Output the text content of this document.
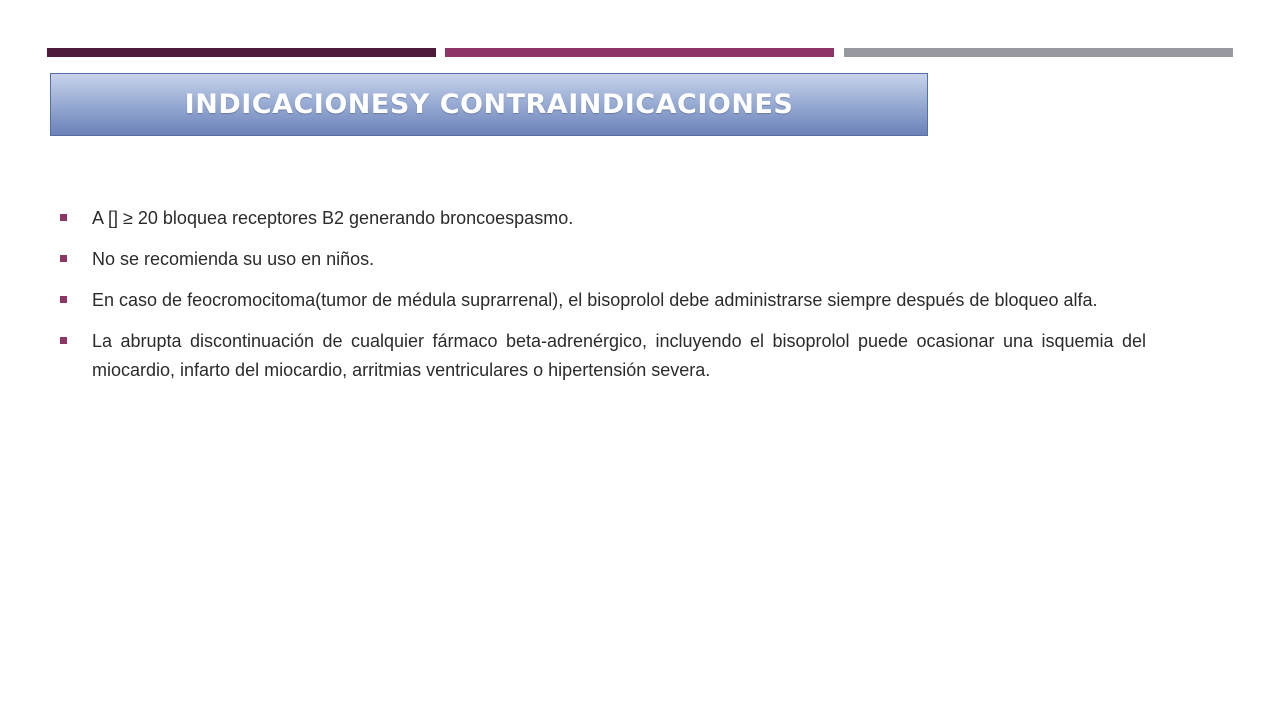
INDICACIONESY CONTRAINDICACIONES
A [] ≥ 20 bloquea receptores B2 generando broncoespasmo.
No se recomienda su uso en niños.
En caso de feocromocitoma(tumor de médula suprarrenal), el bisoprolol debe administrarse siempre después de bloqueo alfa.
La abrupta discontinuación de cualquier fármaco beta-adrenérgico, incluyendo el bisoprolol puede ocasionar una isquemia del miocardio, infarto del miocardio, arritmias ventriculares o hipertensión severa.
